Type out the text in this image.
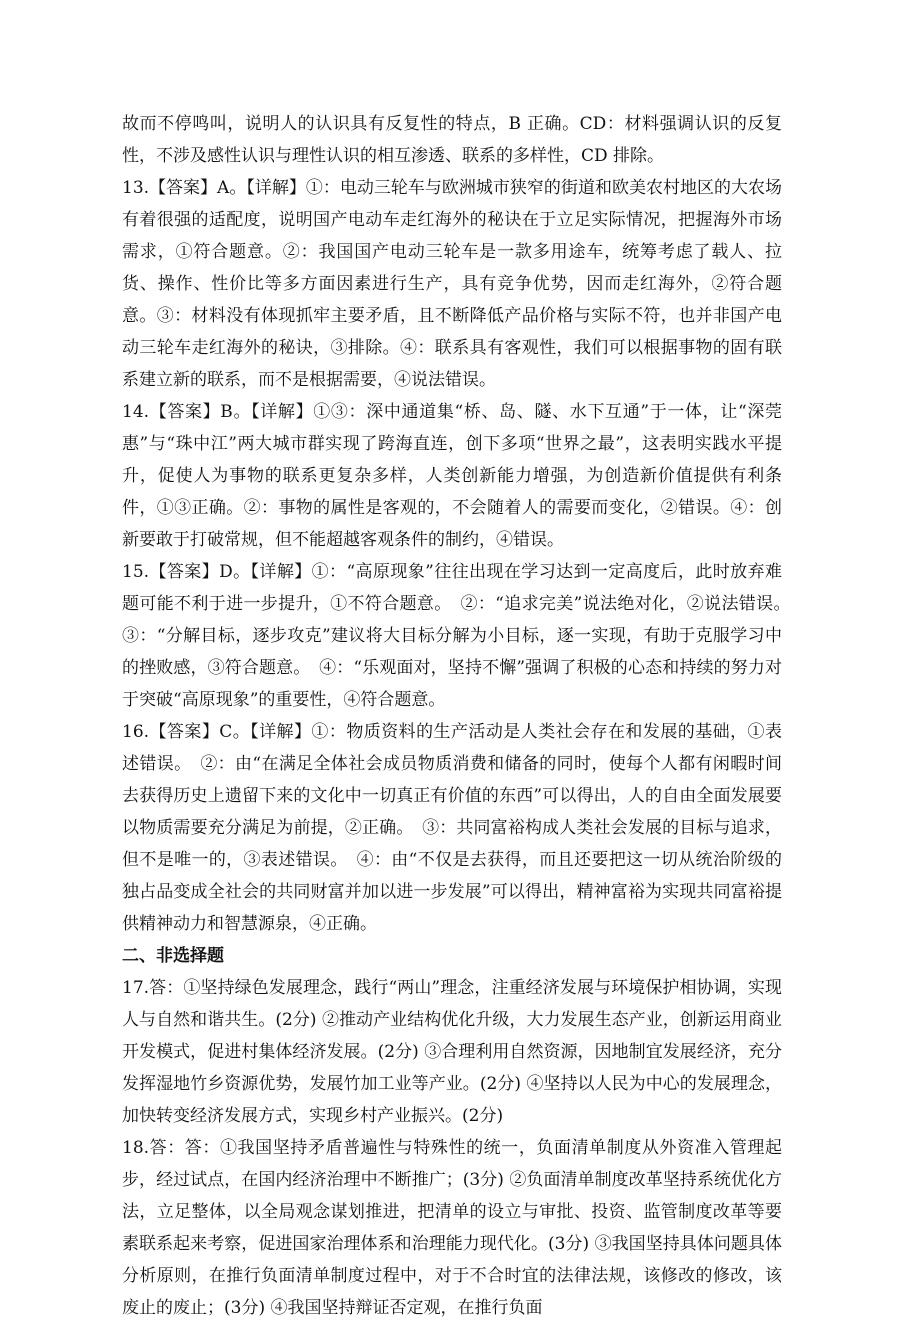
故而不停鸣叫，说明人的认识具有反复性的特点，B 正确。CD：材料强调认识的反复性，不涉及感性认识与理性认识的相互渗透、联系的多样性，CD 排除。

13.【答案】A。【详解】①：电动三轮车与欧洲城市狭窄的街道和欧美农村地区的大农场有着很强的适配度，说明国产电动车走红海外的秘诀在于立足实际情况，把握海外市场需求，①符合题意。②：我国国产电动三轮车是一款多用途车，统筹考虑了载人、拉货、操作、性价比等多方面因素进行生产，具有竞争优势，因而走红海外，②符合题意。③：材料没有体现抓牢主要矛盾，且不断降低产品价格与实际不符，也并非国产电动三轮车走红海外的秘诀，③排除。④：联系具有客观性，我们可以根据事物的固有联系建立新的联系，而不是根据需要，④说法错误。

14.【答案】B。【详解】①③：深中通道集“桥、岛、隧、水下互通”于一体，让“深莞惠”与“珠中江”两大城市群实现了跨海直连，创下多项“世界之最”，这表明实践水平提升，促使人为事物的联系更复杂多样，人类创新能力增强，为创造新价值提供有利条件，①③正确。②：事物的属性是客观的，不会随着人的需要而变化，②错误。④：创新要敢于打破常规，但不能超越客观条件的制约，④错误。

15.【答案】D。【详解】①：“高原现象”往往出现在学习达到一定高度后，此时放弃难题可能不利于进一步提升，①不符合题意。　②：“追求完美”说法绝对化，②说法错误。　③：“分解目标，逐步攻克”建议将大目标分解为小目标，逐一实现，有助于克服学习中的挫败感，③符合题意。　④：“乐观面对，坚持不懈”强调了积极的心态和持续的努力对于突破“高原现象”的重要性，④符合题意。

16.【答案】C。【详解】①：物质资料的生产活动是人类社会存在和发展的基础，①表述错误。　②：由“在满足全体社会成员物质消费和储备的同时，使每个人都有闲暇时间去获得历史上遗留下来的文化中一切真正有价值的东西”可以得出，人的自由全面发展要以物质需要充分满足为前提，②正确。　③：共同富裕构成人类社会发展的目标与追求，但不是唯一的，③表述错误。　④：由“不仅是去获得，而且还要把这一切从统治阶级的独占品变成全社会的共同财富并加以进一步发展”可以得出，精神富裕为实现共同富裕提供精神动力和智慧源泉，④正确。

二、非选择题

17.答：①坚持绿色发展理念，践行“两山”理念，注重经济发展与环境保护相协调，实现人与自然和谐共生。(2分) ②推动产业结构优化升级，大力发展生态产业，创新运用商业开发模式，促进村集体经济发展。(2分) ③合理利用自然资源，因地制宜发展经济，充分发挥湿地竹乡资源优势，发展竹加工业等产业。(2分) ④坚持以人民为中心的发展理念，加快转变经济发展方式，实现乡村产业振兴。(2分)

18.答：答：①我国坚持矛盾普遍性与特殊性的统一，负面清单制度从外资准入管理起步，经过试点，在国内经济治理中不断推广；(3分) ②负面清单制度改革坚持系统优化方法，立足整体，以全局观念谋划推进，把清单的设立与审批、投资、监管制度改革等要素联系起来考察，促进国家治理体系和治理能力现代化。(3分) ③我国坚持具体问题具体分析原则，在推行负面清单制度过程中，对于不合时宜的法律法规，该修改的修改，该废止的废止；(3分) ④我国坚持辩证否定观，在推行负面
